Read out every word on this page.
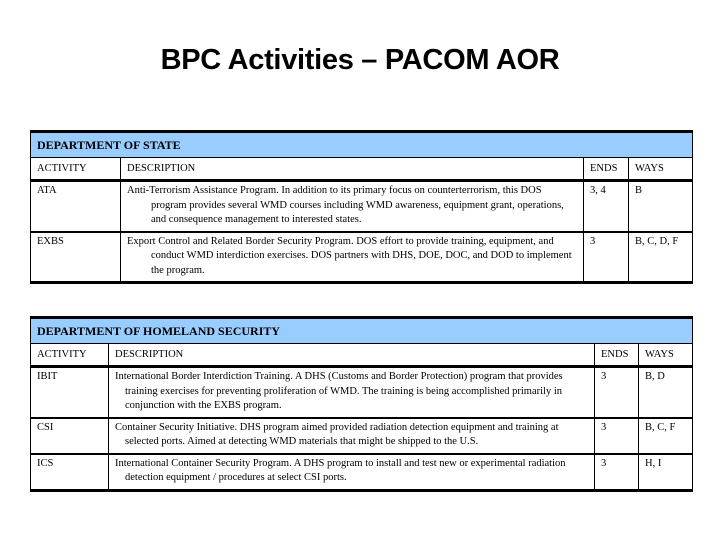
BPC Activities – PACOM AOR
DEPARTMENT OF STATE			
ACTIVITY	DESCRIPTION	ENDS	WAYS
ATA	Anti-Terrorism Assistance Program. In addition to its primary focus on counterterrorism, this DOS program provides several WMD courses including WMD awareness, equipment grant, operations, and consequence management to interested states.	3, 4	B
EXBS	Export Control and Related Border Security Program. DOS effort to provide training, equipment, and conduct WMD interdiction exercises. DOS partners with DHS, DOE, DOC, and DOD to implement the program.	3	B, C, D, F
DEPARTMENT OF HOMELAND SECURITY			
ACTIVITY	DESCRIPTION	ENDS	WAYS
IBIT	International Border Interdiction Training. A DHS (Customs and Border Protection) program that provides training exercises for preventing proliferation of WMD. The training is being accomplished primarily in conjunction with the EXBS program.	3	B, D
CSI	Container Security Initiative. DHS program aimed provided radiation detection equipment and training at selected ports. Aimed at detecting WMD materials that might be shipped to the U.S.	3	B, C, F
ICS	International Container Security Program. A DHS program to install and test new or experimental radiation detection equipment / procedures at select CSI ports.	3	H, I
